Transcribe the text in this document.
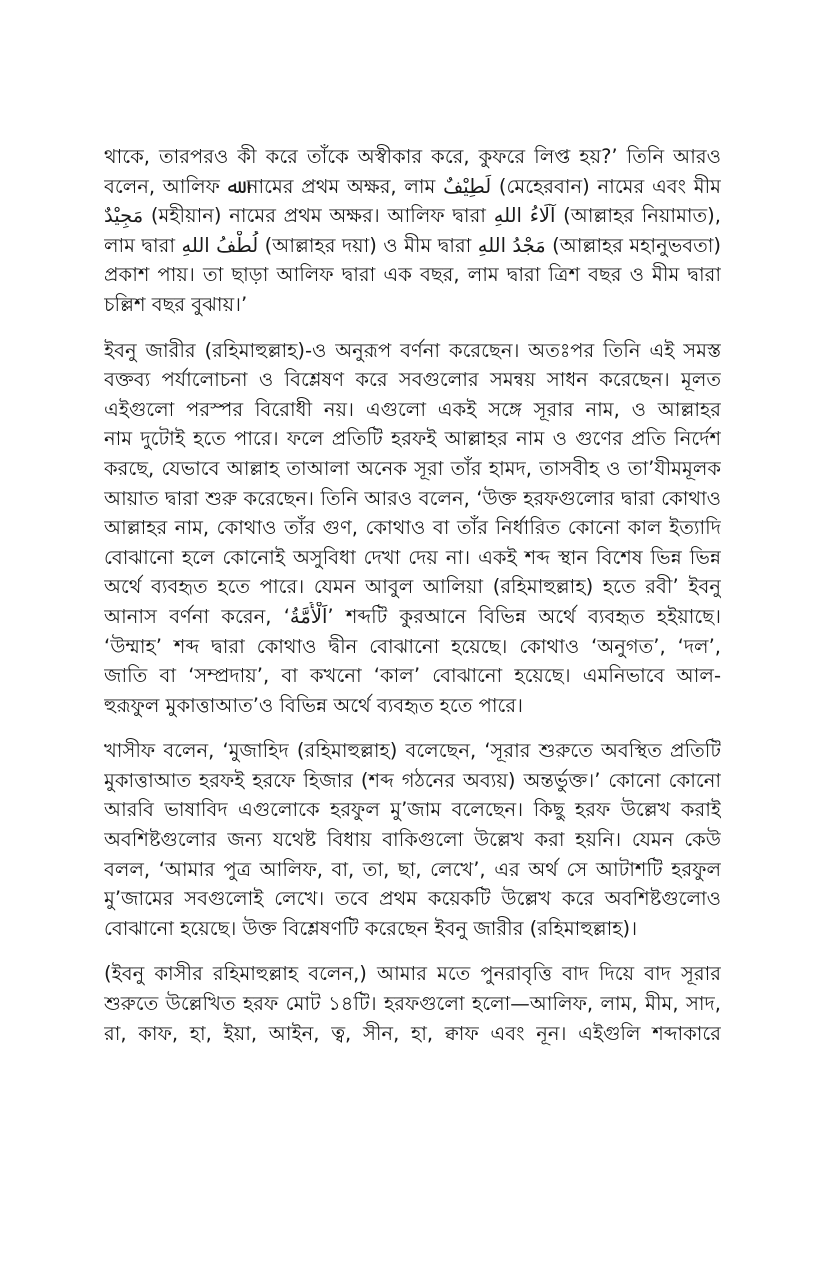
থাকে, তারপরও কী করে তাঁকে অস্বীকার করে, কুফরে লিপ্ত হয়?’ তিনি আরও
বলেন, আলিফ ﷲ নামের প্রথম অক্ষর, লাম لَطِيْفٌ (মেহেরবান) নামের এবং মীম
مَجِيْدٌ (মহীয়ান) নামের প্রথম অক্ষর। আলিফ দ্বারা آلَاءُ اللهِ (আল্লাহর নিয়ামাত),
লাম দ্বারা لُطْفُ اللهِ (আল্লাহর দয়া) ও মীম দ্বারা مَجْدُ اللهِ (আল্লাহর মহানুভবতা)
প্রকাশ পায়। তা ছাড়া আলিফ দ্বারা এক বছর, লাম দ্বারা ত্রিশ বছর ও মীম দ্বারা
চল্লিশ বছর বুঝায়।’

ইবনু জারীর (রহিমাহুল্লাহ)-ও অনুরূপ বর্ণনা করেছেন। অতঃপর তিনি এই সমস্ত
বক্তব্য পর্যালোচনা ও বিশ্লেষণ করে সবগুলোর সমন্বয় সাধন করেছেন। মূলত
এইগুলো পরস্পর বিরোধী নয়। এগুলো একই সঙ্গে সূরার নাম, ও আল্লাহর
নাম দুটোই হতে পারে। ফলে প্রতিটি হরফই আল্লাহর নাম ও গুণের প্রতি নির্দেশ
করছে, যেভাবে আল্লাহ তাআলা অনেক সূরা তাঁর হামদ, তাসবীহ ও তা’যীমমূলক
আয়াত দ্বারা শুরু করেছেন। তিনি আরও বলেন, ‘উক্ত হরফগুলোর দ্বারা কোথাও
আল্লাহর নাম, কোথাও তাঁর গুণ, কোথাও বা তাঁর নির্ধারিত কোনো কাল ইত্যাদি
বোঝানো হলে কোনোই অসুবিধা দেখা দেয় না। একই শব্দ স্থান বিশেষ ভিন্ন ভিন্ন
অর্থে ব্যবহৃত হতে পারে। যেমন আবুল আলিয়া (রহিমাহুল্লাহ) হতে রবী’ ইবনু
আনাস বর্ণনা করেন, ‘اَلْأُمَّةُ’ শব্দটি কুরআনে বিভিন্ন অর্থে ব্যবহৃত হইয়াছে।
‘উম্মাহ’ শব্দ দ্বারা কোথাও দ্বীন বোঝানো হয়েছে। কোথাও ‘অনুগত’, ‘দল’,
জাতি বা ‘সম্প্রদায়’, বা কখনো ‘কাল’ বোঝানো হয়েছে। এমনিভাবে আল-
হুরূফুল মুকাত্তাআত’ও বিভিন্ন অর্থে ব্যবহৃত হতে পারে।

খাসীফ বলেন, ‘মুজাহিদ (রহিমাহুল্লাহ) বলেছেন, ‘সূরার শুরুতে অবস্থিত প্রতিটি
মুকাত্তাআত হরফই হরফে হিজার (শব্দ গঠনের অব্যয়) অন্তর্ভুক্ত।’ কোনো কোনো
আরবি ভাষাবিদ এগুলোকে হরফুল মু’জাম বলেছেন। কিছু হরফ উল্লেখ করাই
অবশিষ্টগুলোর জন্য যথেষ্ট বিধায় বাকিগুলো উল্লেখ করা হয়নি। যেমন কেউ
বলল, ‘আমার পুত্র আলিফ, বা, তা, ছা, লেখে’, এর অর্থ সে আটাশটি হরফুল
মু’জামের সবগুলোই লেখে। তবে প্রথম কয়েকটি উল্লেখ করে অবশিষ্টগুলোও
বোঝানো হয়েছে। উক্ত বিশ্লেষণটি করেছেন ইবনু জারীর (রহিমাহুল্লাহ)।

(ইবনু কাসীর রহিমাহুল্লাহ বলেন,) আমার মতে পুনরাবৃত্তি বাদ দিয়ে বাদ সূরার
শুরুতে উল্লেখিত হরফ মোট ১৪টি। হরফগুলো হলো—আলিফ, লাম, মীম, সাদ,
রা, কাফ, হা, ইয়া, আইন, ত্ব, সীন, হা, ক্বাফ এবং নূন। এইগুলি শব্দাকারে
